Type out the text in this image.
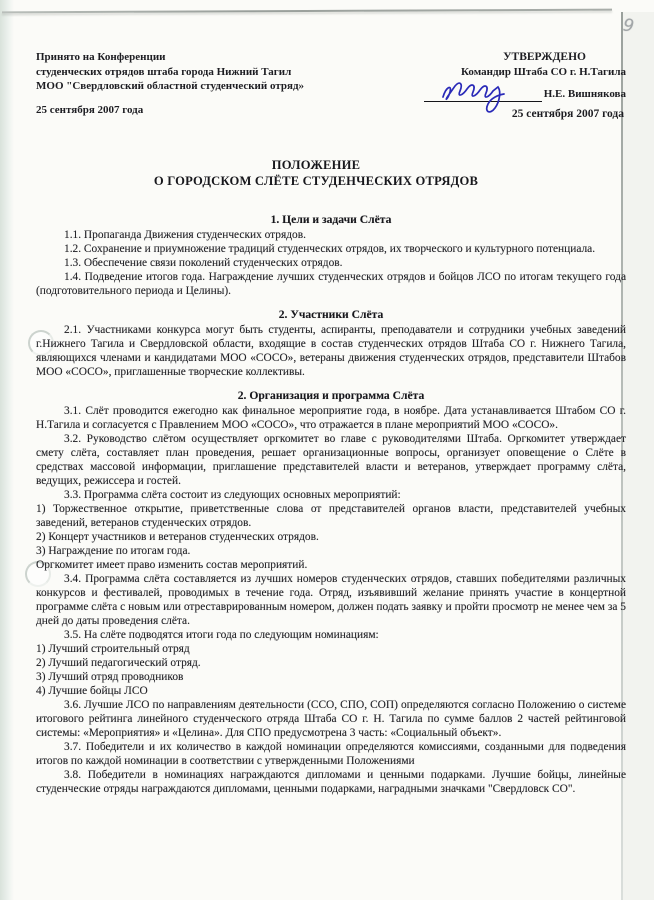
9
Принято на Конференции
студенческих отрядов штаба города Нижний Тагил
МОО "Свердловский областной студенческий отряд»
25 сентября 2007 года
УТВЕРЖДЕНО
Командир Штаба СО г. Н.Тагила
Н.Е. Вишнякова
25 сентября 2007 года
ПОЛОЖЕНИЕ
О ГОРОДСКОМ СЛЁТЕ СТУДЕНЧЕСКИХ ОТРЯДОВ
1. Цели и задачи Слёта

1.1. Пропаганда Движения студенческих отрядов.

1.2. Сохранение и приумножение традиций студенческих отрядов, их творческого и культурного потенциала.

1.3. Обеспечение связи поколений студенческих отрядов.

1.4. Подведение итогов года. Награждение лучших студенческих отрядов и бойцов ЛСО по итогам текущего года (подготовительного периода и Целины).

2. Участники Слёта

2.1. Участниками конкурса могут быть студенты, аспиранты, преподаватели и сотрудники учебных заведений г.Нижнего Тагила и Свердловской области, входящие в состав студенческих отрядов Штаба СО г. Нижнего Тагила, являющихся членами и кандидатами МОО «СОСО», ветераны движения студенческих отрядов, представители Штабов МОО «СОСО», приглашенные творческие коллективы.

2. Организация и программа Слёта

3.1. Слёт проводится ежегодно как финальное мероприятие года, в ноябре. Дата устанавливается Штабом СО г. Н.Тагила и согласуется с Правлением МОО «СОСО», что отражается в плане мероприятий МОО «СОСО».

3.2. Руководство слётом осуществляет оргкомитет во главе с руководителями Штаба. Оргкомитет утверждает смету слёта, составляет план проведения, решает организационные вопросы, организует оповещение о Слёте в средствах массовой информации, приглашение представителей власти и ветеранов, утверждает программу слёта, ведущих, режиссера и гостей.

3.3. Программа слёта состоит из следующих основных мероприятий:

1) Торжественное открытие, приветственные слова от представителей органов власти, представителей учебных заведений, ветеранов студенческих отрядов.

2) Концерт участников и ветеранов студенческих отрядов.

3) Награждение по итогам года.

Оргкомитет имеет право изменить состав мероприятий.

3.4. Программа слёта составляется из лучших номеров студенческих отрядов, ставших победителями различных конкурсов и фестивалей, проводимых в течение года. Отряд, изъявивший желание принять участие в концертной программе слёта с новым или отреставрированным номером, должен подать заявку и пройти просмотр не менее чем за 5 дней до даты проведения слёта.

3.5. На слёте подводятся итоги года по следующим номинациям:

1) Лучший строительный отряд

2) Лучший педагогический отряд.

3) Лучший отряд проводников

4) Лучшие бойцы ЛСО

3.6. Лучшие ЛСО по направлениям деятельности (ССО, СПО, СОП) определяются согласно Положению о системе итогового рейтинга линейного студенческого отряда Штаба СО г. Н. Тагила по сумме баллов 2 частей рейтинговой системы: «Мероприятия» и «Целина». Для СПО предусмотрена 3 часть: «Социальный объект».

3.7. Победители и их количество в каждой номинации определяются комиссиями, созданными для подведения итогов по каждой номинации в соответствии с утвержденными Положениями

3.8. Победители в номинациях награждаются дипломами и ценными подарками. Лучшие бойцы, линейные студенческие отряды награждаются дипломами, ценными подарками, наградными значками "Свердловск СО".
